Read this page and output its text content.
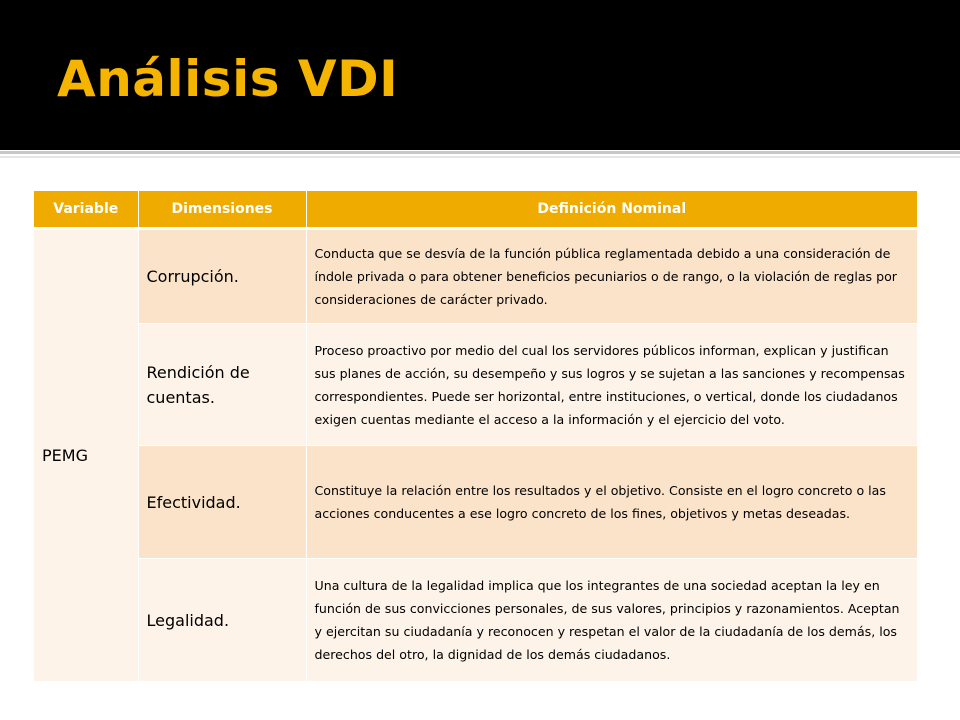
Análisis VDI
Variable	Dimensiones	Definición Nominal
PEMG	Corrupción.	Conducta que se desvía de la función pública reglamentada debido a una consideración de índole privada o para obtener beneficios pecuniarios o de rango, o la violación de reglas por consideraciones de carácter privado.

	Rendición de cuentas.	Proceso proactivo por medio del cual los servidores públicos informan, explican y justifican sus planes de acción, su desempeño y sus logros y se sujetan a las sanciones y recompensas correspondientes. Puede ser horizontal, entre instituciones, o vertical, donde los ciudadanos exigen cuentas mediante el acceso a la información y el ejercicio del voto.

	Efectividad.	Constituye la relación entre los resultados y el objetivo. Consiste en el logro concreto o las acciones conducentes a ese logro concreto de los fines, objetivos y metas deseadas.

	Legalidad.	Una cultura de la legalidad implica que los integrantes de una sociedad aceptan la ley en función de sus convicciones personales, de sus valores, principios y razonamientos. Aceptan y ejercitan su ciudadanía y reconocen y respetan el valor de la ciudadanía de los demás, los derechos del otro, la dignidad de los demás ciudadanos.
